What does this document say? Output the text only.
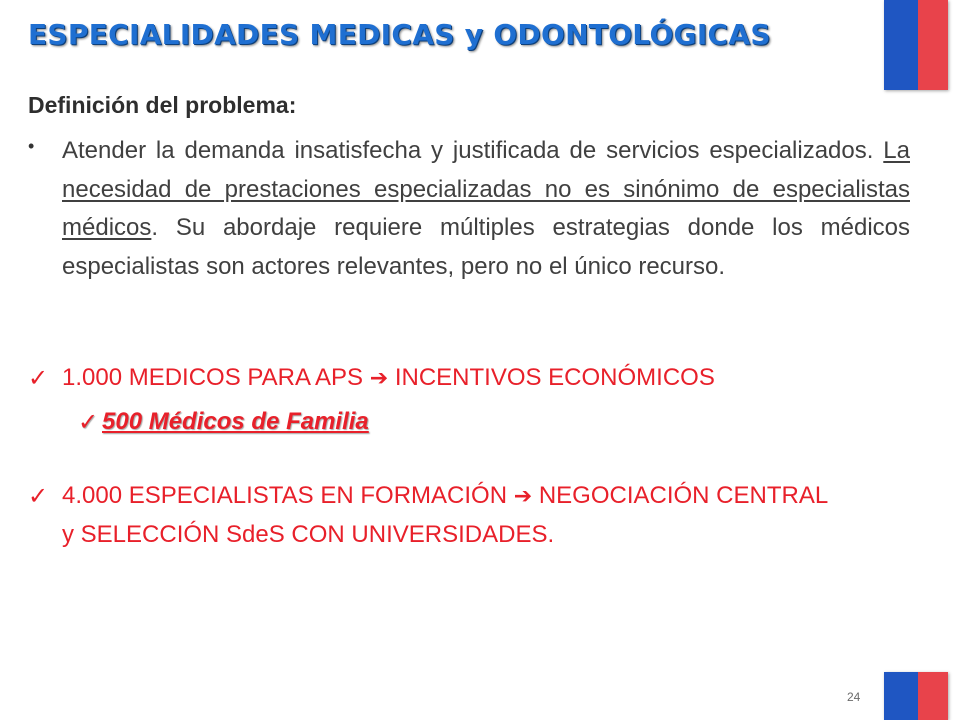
ESPECIALIDADES MEDICAS y ODONTOLÓGICAS
Definición del problema:
• Atender la demanda insatisfecha y justificada de servicios especializados. La necesidad de prestaciones especializadas no es sinónimo de especialistas médicos. Su abordaje requiere múltiples estrategias donde los médicos especialistas son actores relevantes, pero no el único recurso.
✓ 1.000 MEDICOS PARA APS ➔ INCENTIVOS ECONÓMICOS
✓ 500 Médicos de Familia
✓ 4.000 ESPECIALISTAS EN FORMACIÓN ➔ NEGOCIACIÓN CENTRAL
y SELECCIÓN SdeS CON UNIVERSIDADES.
24
